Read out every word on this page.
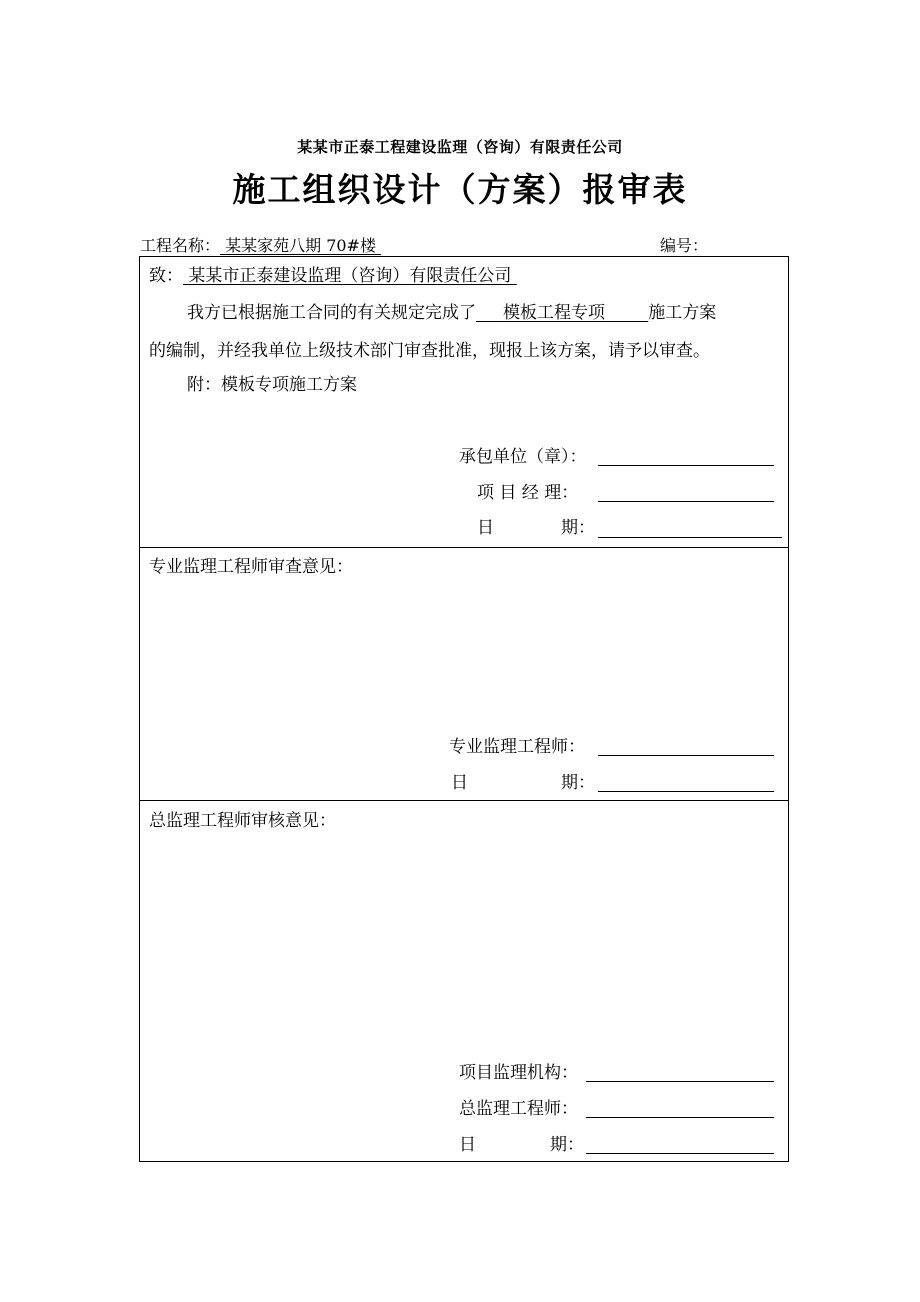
某某市正泰工程建设监理（咨询）有限责任公司
施工组织设计（方案）报审表
工程名称： 某某家苑八期 70#楼	编号：
致： 某某市正泰建设监理（咨询）有限责任公司
我方已根据施工合同的有关规定完成了 模板工程专项	施工方案
的编制，并经我单位上级技术部门审查批准，现报上该方案，请予以审查。
附：模板专项施工方案
承包单位（章）：
项 目 经 理：
日	期：
专业监理工程师审查意见：
专业监理工程师：
日	期：
总监理工程师审核意见：
项目监理机构：
总监理工程师：
日	期：
